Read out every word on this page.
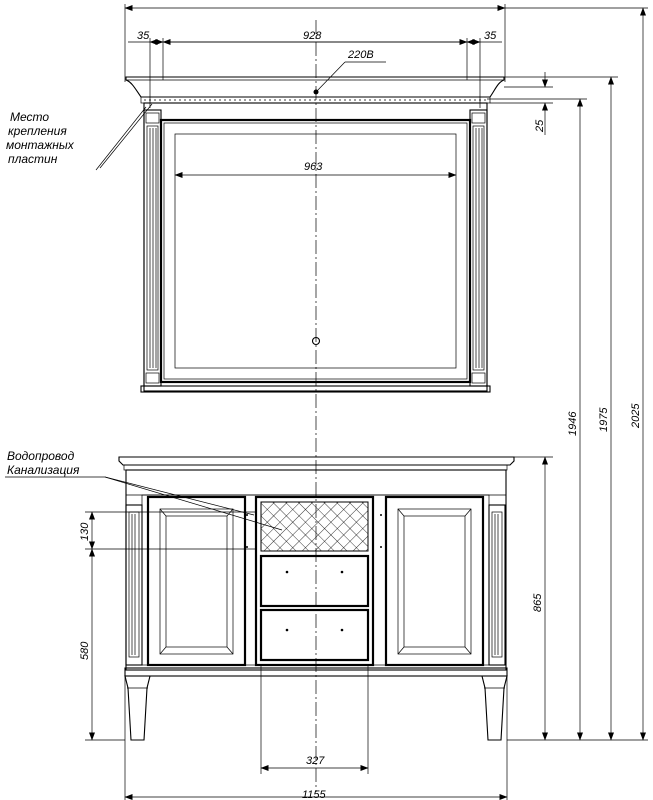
35	928	35
220В
963
Место
крепления
монтажных
пластин
25
Водопровод
Канализация
130
580
865
1946 1975 2025
327
1155
